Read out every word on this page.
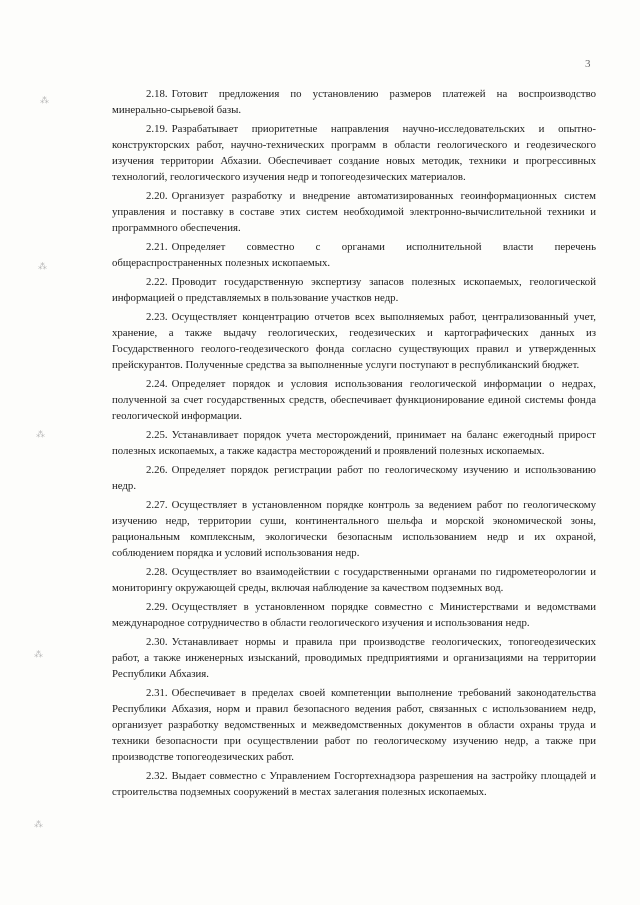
3
⁂
⁂
⁂
⁂
⁂

2.18. Готовит предложения по установлению размеров платежей на воспроизводство минерально-сырьевой базы.

2.19. Разрабатывает приоритетные направления научно-исследовательских и опытно-конструкторских работ, научно-технических программ в области геологического и геодезического изучения территории Абхазии. Обеспечивает создание новых методик, техники и прогрессивных технологий, геологического изучения недр и топогеодезических материалов.

2.20. Организует разработку и внедрение автоматизированных геоинформационных систем управления и поставку в составе этих систем необходимой электронно-вычислительной техники и программного обеспечения.

2.21. Определяет совместно с органами исполнительной власти перечень общераспространенных полезных ископаемых.

2.22. Проводит государственную экспертизу запасов полезных ископаемых, геологической информацией о представляемых в пользование участков недр.

2.23. Осуществляет концентрацию отчетов всех выполняемых работ, централизованный учет, хранение, а также выдачу геологических, геодезических и картографических данных из Государственного геолого-геодезического фонда согласно существующих правил и утвержденных прейскурантов. Полученные средства за выполненные услуги поступают в республиканский бюджет.

2.24. Определяет порядок и условия использования геологической информации о недрах, полученной за счет государственных средств, обеспечивает функционирование единой системы фонда геологической информации.

2.25. Устанавливает порядок учета месторождений, принимает на баланс ежегодный прирост полезных ископаемых, а также кадастра месторождений и проявлений полезных ископаемых.

2.26. Определяет порядок регистрации работ по геологическому изучению и использованию недр.

2.27. Осуществляет в установленном порядке контроль за ведением работ по геологическому изучению недр, территории суши, континентального шельфа и морской экономической зоны, рациональным комплексным, экологически безопасным использованием недр и их охраной, соблюдением порядка и условий использования недр.

2.28. Осуществляет во взаимодействии с государственными органами по гидрометеорологии и мониторингу окружающей среды, включая наблюдение за качеством подземных вод.

2.29. Осуществляет в установленном порядке совместно с Министерствами и ведомствами международное сотрудничество в области геологического изучения и использования недр.

2.30. Устанавливает нормы и правила при производстве геологических, топогеодезических работ, а также инженерных изысканий, проводимых предприятиями и организациями на территории Республики Абхазия.

2.31. Обеспечивает в пределах своей компетенции выполнение требований законодательства Республики Абхазия, норм и правил безопасного ведения работ, связанных с использованием недр, организует разработку ведомственных и межведомственных документов в области охраны труда и техники безопасности при осуществлении работ по геологическому изучению недр, а также при производстве топогеодезических работ.

2.32. Выдает совместно с Управлением Госгортехнадзора разрешения на застройку площадей и строительства подземных сооружений в местах залегания полезных ископаемых.
